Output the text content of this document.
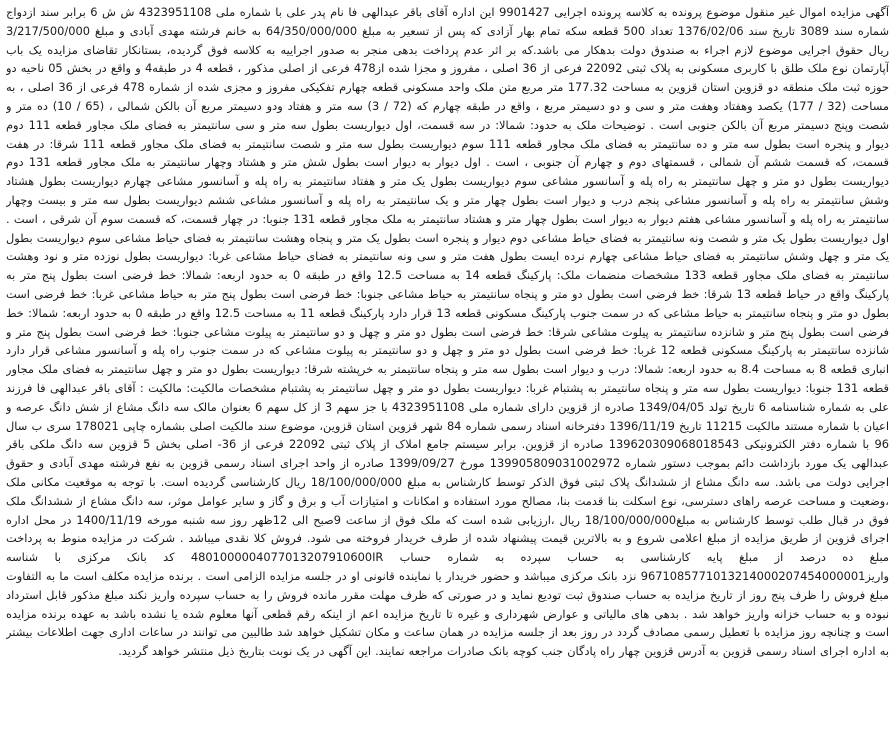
آگهی مزایده اموال غیر منقول موضوع پرونده به کلاسه پرونده اجرایی 9901427 این اداره آقای باقر عبدالهی فا نام پدر علی با شماره ملی 4323951108 ش ش 6 برابر سند ازدواج شماره سند 3089 تاریخ سند 1376/02/06 تعداد 500 قطعه سکه تمام بهار آزادی که پس از تسعیر به مبلغ 64/350/000/000 به خانم فرشته مهدی آبادی و مبلغ 3/217/500/000 ریال حقوق اجرایی موضوع لازم اجراء به صندوق دولت بدهکار می باشد.که بر اثر عدم پرداخت بدهی منجر به صدور اجراییه به کلاسه فوق گردیده، بستانکار تقاضای مزایده یک باب آپارتمان نوع ملک طلق با کاربری مسکونی به پلاک ثبتی 22092 فرعی از 36 اصلی ، مفروز و مجزا شده از478 فرعی از اصلی مذکور ، قطعه 4 در طبقه4 و واقع در بخش 05 ناحیه دو حوزه ثبت ملک منطقه دو قزوین استان قزوین به مساحت 177.32 متر مربع متن ملک واحد مسکونی قطعه چهارم تفکیکی مفروز و مجزی شده از شماره 478 فرعی از 36 اصلی ، به مساحت (32 / 177) یکصد وهفتاد وهفت متر و سی و دو دسیمتر مربع ، واقع در طبقه چهارم که (72 / 3) سه متر و هفتاد ودو دسیمتر مربع آن بالکن شمالی ، (65 / 10) ده متر و شصت وپنج دسیمتر مربع آن بالکن جنوبی است . توضیحات ملک به حدود: شمالا: در سه قسمت، اول دیواریست بطول سه متر و سی سانتیمتر به فضای ملک مجاور قطعه 111 دوم دیوار و پنجره است بطول سه متر و ده سانتیمتر به فضای ملک مجاور قطعه 111 سوم دیواریست بطول سه متر و شصت سانتیمتر به فضای ملک مجاور قطعه 111 شرقا: در هفت قسمت، که قسمت ششم آن شمالی ، قسمتهای دوم و چهارم آن جنوبی ، است . اول دیوار به دیوار است بطول شش متر و هشتاد وچهار سانتیمتر به ملک مجاور قطعه 131 دوم دیواریست بطول دو متر و چهل سانتیمتر به راه پله و آسانسور مشاعی سوم دیواریست بطول یک متر و هفتاد سانتیمتر به راه پله و آسانسور مشاعی چهارم دیواریست بطول هشتاد وشش سانتیمتر به راه پله و آسانسور مشاعی پنجم درب و دیوار است بطول چهار متر و یک سانتیمتر به راه پله و آسانسور مشاعی ششم دیواریست بطول سه متر و بیست وچهار سانتیمتر به راه پله و آسانسور مشاعی هفتم دیوار به دیوار است بطول چهار متر و هشتاد سانتیمتر به ملک مجاور قطعه 131 جنوبا: در چهار قسمت، که قسمت سوم آن شرقی ، است . اول دیواریست بطول یک متر و شصت ونه سانتیمتر به فضای حیاط مشاعی دوم دیوار و پنجره است بطول یک متر و پنجاه وهشت سانتیمتر به فضای حیاط مشاعی سوم دیواریست بطول یک متر و چهل وشش سانتیمتر به فضای حیاط مشاعی چهارم نرده ایست بطول هفت متر و سی ونه سانتیمتر به فضای حیاط مشاعی غربا: دیواریست بطول نوزده متر و نود وهشت سانتیمتر به فضای ملک مجاور قطعه 133 مشخصات منضمات ملک: پارکینگ قطعه 14 به مساحت 12.5 واقع در طبقه 0 به حدود اربعه: شمالا: خط فرضی است بطول پنج متر به پارکینگ واقع در حیاط قطعه 13 شرقا: خط فرضی است بطول دو متر و پنجاه سانتیمتر به حیاط مشاعی جنوبا: خط فرضی است بطول پنج متر به حیاط مشاعی غربا: خط فرضی است بطول دو متر و پنجاه سانتیمتر به حیاط مشاعی که در سمت جنوب پارکینگ مسکونی قطعه 13 قرار دارد پارکینگ قطعه 11 به مساحت 12.5 واقع در طبقه 0 به حدود اربعه: شمالا: خط فرضی است بطول پنج متر و شانزده سانتیمتر به پیلوت مشاعی شرقا: خط فرضی است بطول دو متر و چهل و دو سانتیمتر به پیلوت مشاعی جنوبا: خط فرضی است بطول پنج متر و شانزده سانتیمتر به پارکینگ مسکونی قطعه 12 غربا: خط فرضی است بطول دو متر و چهل و دو سانتیمتر به پیلوت مشاعی که در سمت جنوب راه پله و آسانسور مشاعی قرار دارد انباری قطعه 8 به مساحت 8.4 به حدود اربعه: شمالا: درب و دیوار است بطول سه متر و پنجاه سانتیمتر به خرپشته شرقا: دیواریست بطول دو متر و چهل سانتیمتر به فضای ملک مجاور قطعه 131 جنوبا: دیواریست بطول سه متر و پنجاه سانتیمتر به پشتبام غربا: دیواریست بطول دو متر و چهل سانتیمتر به پشتبام مشخصات مالکیت: مالکیت : آقای باقر عبدالهی فا فرزند علی به شماره شناسنامه 6 تاریخ تولد 1349/04/05 صادره از قزوین دارای شماره ملی 4323951108 با جز سهم 3 از کل سهم 6 بعنوان مالک سه دانگ مشاع از شش دانگ عرصه و اعیان با شماره مستند مالکیت 11215 تاریخ 1396/11/19 دفترخانه اسناد رسمی شماره 84 شهر قزوین استان قزوین، موضوع سند مالکیت اصلی بشماره چاپی 178021 سری ب سال 96 با شماره دفتر الکترونیکی 139620309068018543 صادره از قزوین. برابر سیستم جامع املاک از پلاک ثبتی 22092 فرعی از 36- اصلی بخش 5 قزوین سه دانگ ملکی باقر عبدالهی یک مورد بازداشت دائم بموجب دستور شماره 139905809031002972 مورخ 1399/09/27 صادره از واحد اجرای اسناد رسمی قزوین به نفع فرشته مهدی آبادی و حقوق اجرایی دولت می باشد. سه دانگ مشاع از ششدانگ پلاک ثبتی فوق الذکر توسط کارشناس به مبلغ 18/100/000/000 ریال کارشناسی گردیده است. با توجه به موقعیت مکانی ملک ،وضعیت و مساحت عرصه راهای دسترسی، نوع اسکلت بنا قدمت بنا، مصالح مورد استفاده و امکانات و امتیازات آب و برق و گاز و سایر عوامل موثر، سه دانگ مشاع از ششدانگ ملک فوق در قبال طلب توسط کارشناس به مبلغ18/100/000/000 ریال ،ارزیابی شده است که ملک فوق از ساعت 9صبح الی 12ظهر روز سه شنبه مورخه 1400/11/19 در محل اداره اجرای قزوین از طریق مزایده از مبلغ اعلامی شروع و به بالاترین قیمت پیشنهاد شده از طرف خریدار فروخته می شود. فروش کلا نقدی میباشد . شرکت در مزایده منوط به پرداخت مبلغ ده درصد از مبلغ پایه کارشناسی به حساب سپرده به شماره حساب 4801000004077013207910600IR کد بانک مرکزی با شناسه واریز9671085771013214000207454000001 نزد بانک مرکزی میباشد و حضور خریدار یا نماینده قانونی او در جلسه مزایده الزامی است . برنده مزایده مکلف است ما به التفاوت مبلغ فروش را ظرف پنج روز از تاریخ مزایده به حساب صندوق ثبت تودیع نماید و در صورتی که ظرف مهلت مقرر مانده فروش را به حساب سپرده واریز نکند مبلغ مذکور قابل استرداد نبوده و به حساب خزانه واریز خواهد شد . بدهی های مالیاتی و عوارض شهرداری و غیره تا تاریخ مزایده اعم از اینکه رقم قطعی آنها معلوم شده یا نشده باشد به عهده برنده مزایده است و چنانچه روز مزایده با تعطیل رسمی مصادف گردد در روز بعد از جلسه مزایده در همان ساعت و مکان تشکیل خواهد شد طالبین می توانند در ساعات اداری جهت اطلاعات بیشتر به اداره اجرای اسناد رسمی قزوین به آدرس قزوین چهار راه پادگان جنب کوچه بانک صادرات مراجعه نمایند. این آگهی در یک نوبت بتاریخ ذیل منتشر خواهد گردید.
